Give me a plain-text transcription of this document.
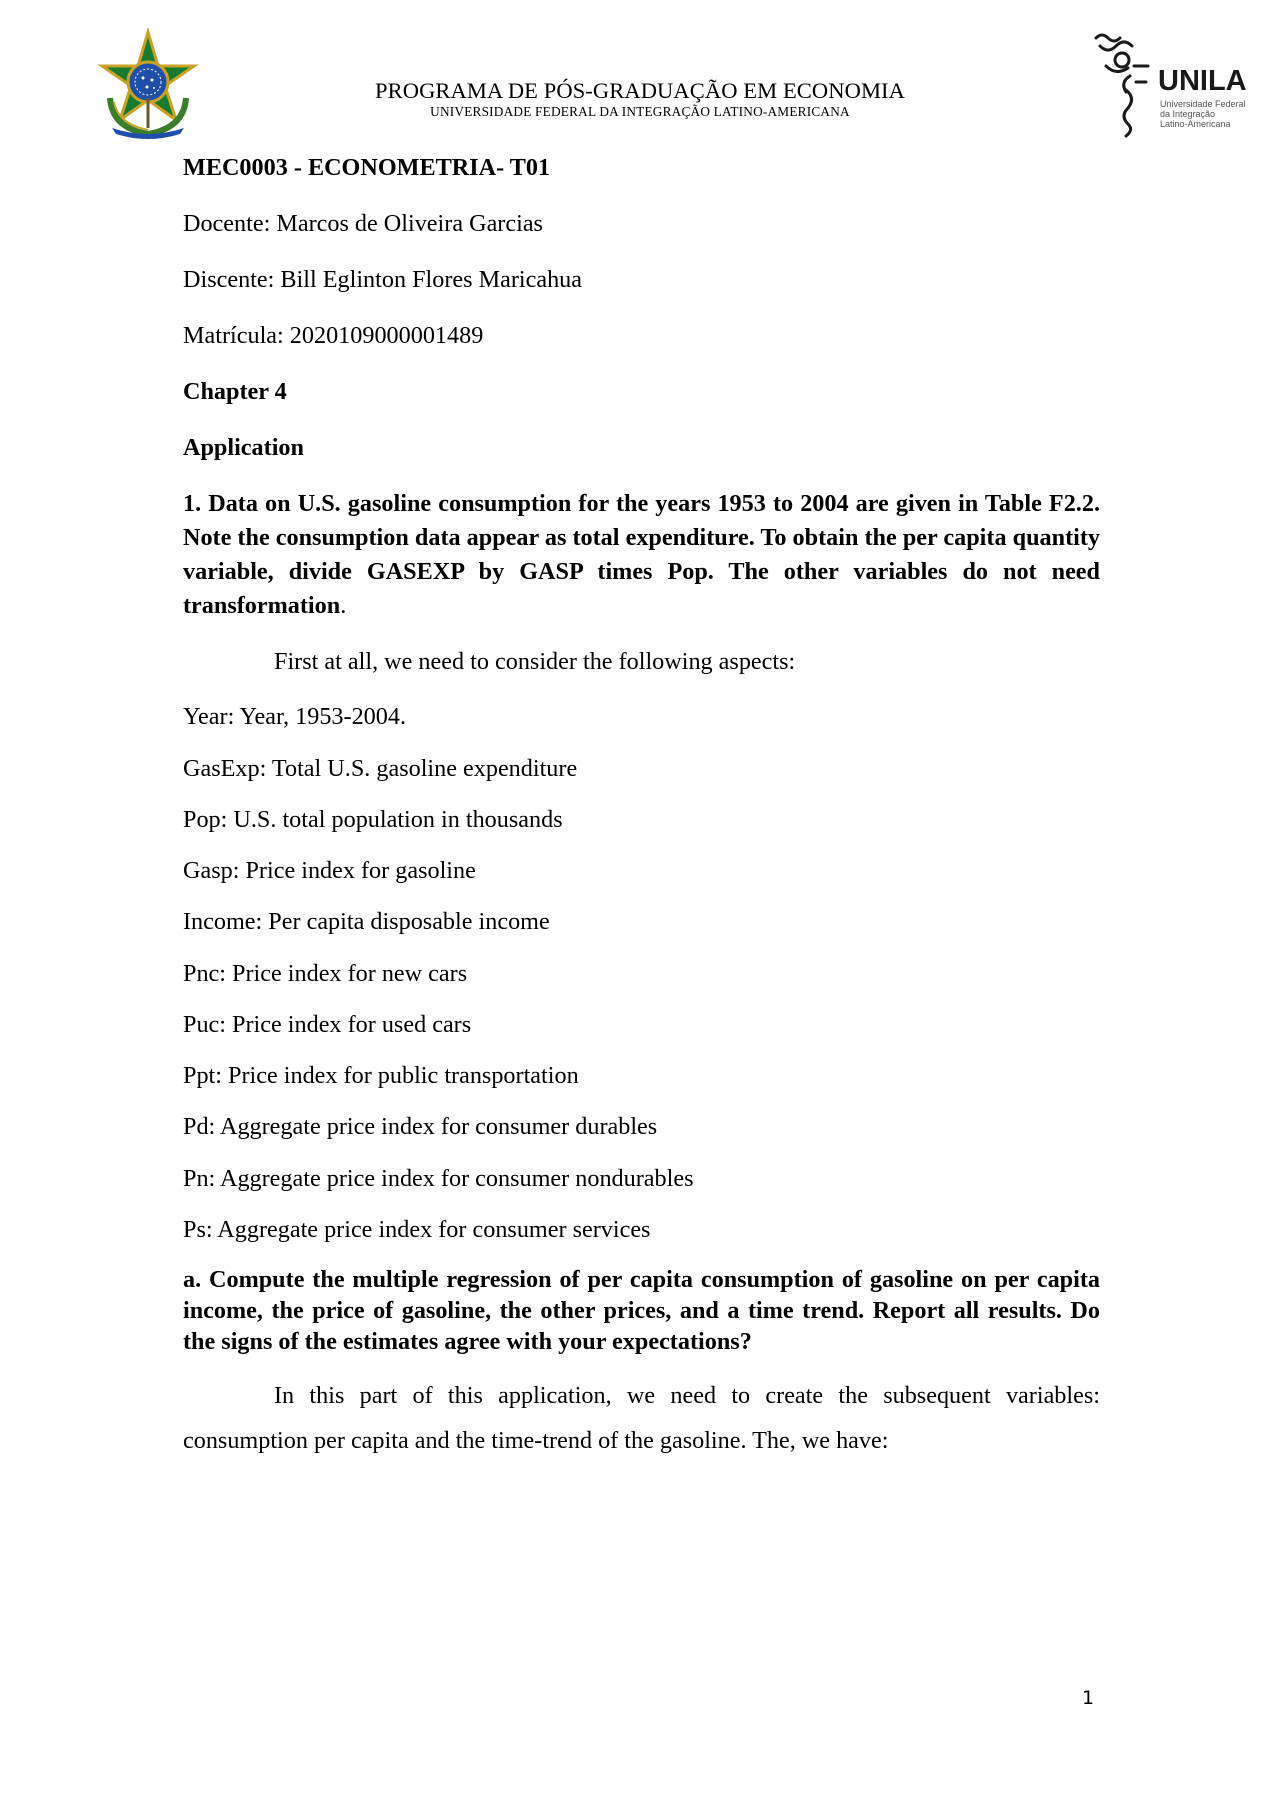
PROGRAMA DE PÓS-GRADUAÇÃO EM ECONOMIA
UNIVERSIDADE FEDERAL DA INTEGRAÇÃO LATINO-AMERICANA
UNILA
Universidade Federal
da Integração
Latino-Americana
MEC0003 - ECONOMETRIA- T01
Docente: Marcos de Oliveira Garcias
Discente: Bill Eglinton Flores Maricahua
Matrícula: 2020109000001489
Chapter 4
Application
1. Data on U.S. gasoline consumption for the years 1953 to 2004 are given in Table F2.2. Note the consumption data appear as total expenditure. To obtain the per capita quantity variable, divide GASEXP by GASP times Pop. The other variables do not need transformation.
First at all, we need to consider the following aspects:
Year: Year, 1953-2004.
GasExp: Total U.S. gasoline expenditure
Pop: U.S. total population in thousands
Gasp: Price index for gasoline
Income: Per capita disposable income
Pnc: Price index for new cars
Puc: Price index for used cars
Ppt: Price index for public transportation
Pd: Aggregate price index for consumer durables
Pn: Aggregate price index for consumer nondurables
Ps: Aggregate price index for consumer services
a. Compute the multiple regression of per capita consumption of gasoline on per capita income, the price of gasoline, the other prices, and a time trend. Report all results. Do the signs of the estimates agree with your expectations?
In this part of this application, we need to create the subsequent variables: consumption per capita and the time-trend of the gasoline. The, we have:
1
